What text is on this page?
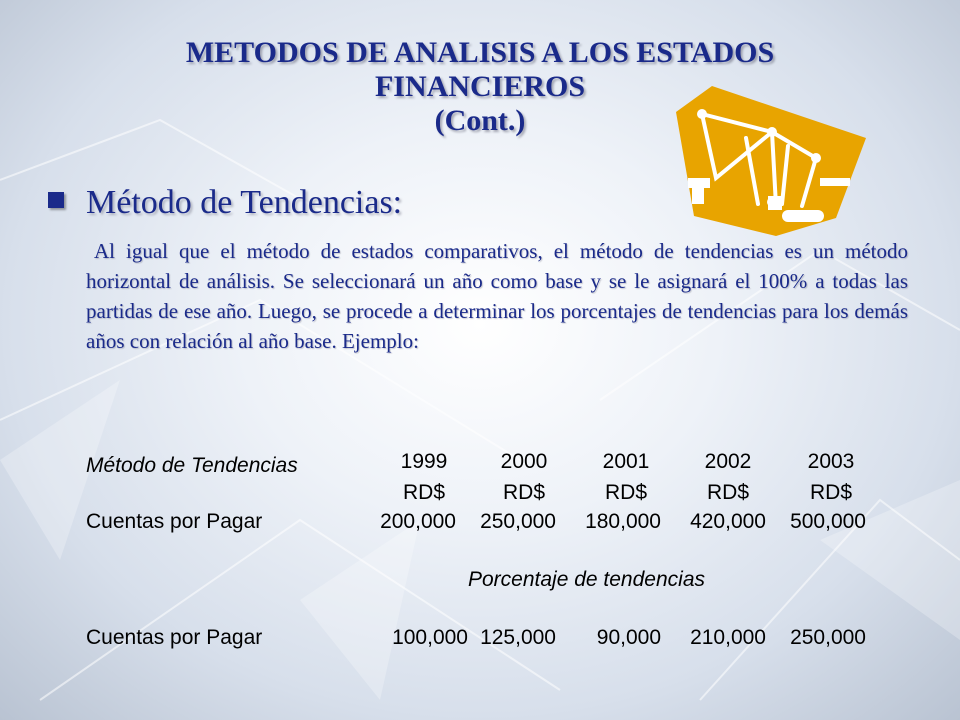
METODOS DE ANALISIS A LOS ESTADOS
FINANCIEROS
(Cont.)
Método de Tendencias:
Al igual que el método de estados comparativos, el método de tendencias es un método horizontal de análisis. Se seleccionará un año como base y se le asignará el 100% a todas las partidas de ese año. Luego, se procede a determinar los porcentajes de tendencias para los demás años con relación al año base. Ejemplo:
Método de Tendencias	1999	2000	2001	2002	2003
RD$	RD$	RD$	RD$	RD$
Cuentas por Pagar	200,000	250,000	180,000	420,000	500,000
Porcentaje de tendencias
Cuentas por Pagar	100,000 125,000	90,000	210,000	250,000
